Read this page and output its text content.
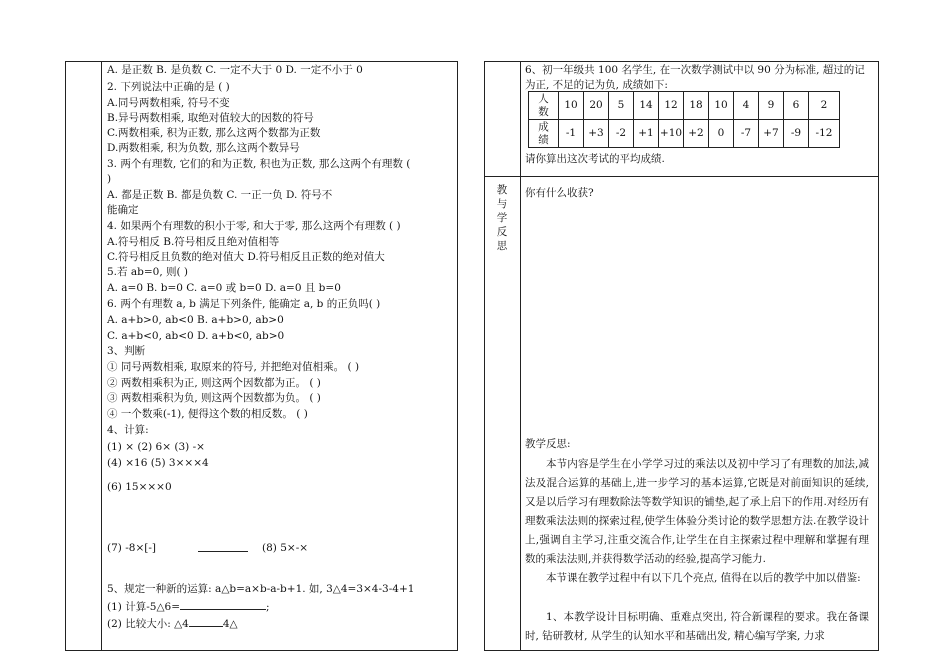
A. 是正数 B. 是负数 C. 一定不大于 0 D. 一定不小于 0
2. 下列说法中正确的是 ( )
A.同号两数相乘, 符号不变
B.异号两数相乘, 取绝对值较大的因数的符号
C.两数相乘, 积为正数, 那么这两个数都为正数
D.两数相乘, 积为负数, 那么这两个数异号
3. 两个有理数, 它们的和为正数, 积也为正数, 那么这两个有理数 (
)
A. 都是正数 B. 都是负数 C. 一正一负 D. 符号不
能确定
4. 如果两个有理数的积小于零, 和大于零, 那么这两个有理数 ( )
A.符号相反 B.符号相反且绝对值相等
C.符号相反且负数的绝对值大 D.符号相反且正数的绝对值大
5.若 ab=0, 则( )
A. a=0 B. b=0 C. a=0 或 b=0 D. a=0 且 b=0
6. 两个有理数 a, b 满足下列条件, 能确定 a, b 的正负吗( )
A. a+b>0, ab<0 B. a+b>0, ab>0
C. a+b<0, ab<0 D. a+b<0, ab>0
3、判断
① 同号两数相乘, 取原来的符号, 并把绝对值相乘。 ( )
② 两数相乘积为正, 则这两个因数都为正。 ( )
③ 两数相乘积为负, 则这两个因数都为负。 ( )
④ 一个数乘(-1), 便得这个数的相反数。 ( )
4、计算:
(1) × (2) 6× (3) -×
(4) ×16 (5) 3×××4
(6) 15×××0
(7) -8×[-]	(8) 5×-×
5、规定一种新的运算: a△b=a×b-a-b+1. 如, 3△4=3×4-3-4+1
(1) 计算-5△6=	;
(2) 比较大小: △4	4△
6、初一年级共 100 名学生, 在一次数学测试中以 90 分为标准, 超过的记
为正, 不足的记为负, 成绩如下:
人
数	10	20	5	14	12	18	10	4	9	6	2
成
绩	-1	+3	-2	+1	+10	+2	0	-7	+7	-9	-12
请你算出这次考试的平均成绩.
教
与
学
反
思
你有什么收获?
教学反思:
本节内容是学生在小学学习过的乘法以及初中学习了有理数的加法,减法及混合运算的基础上,进一步学习的基本运算,它既是对前面知识的延续,又是以后学习有理数除法等数学知识的铺垫,起了承上启下的作用.对经历有理数乘法法则的探索过程,使学生体验分类讨论的数学思想方法.在教学设计上,强调自主学习,注重交流合作,让学生在自主探索过程中理解和掌握有理数的乘法法则,并获得数学活动的经验,提高学习能力.
本节课在教学过程中有以下几个亮点, 值得在以后的教学中加以借鉴:
1、本教学设计目标明确、重难点突出, 符合新课程的要求。我在备课时, 钻研教材, 从学生的认知水平和基础出发, 精心编写学案, 力求
